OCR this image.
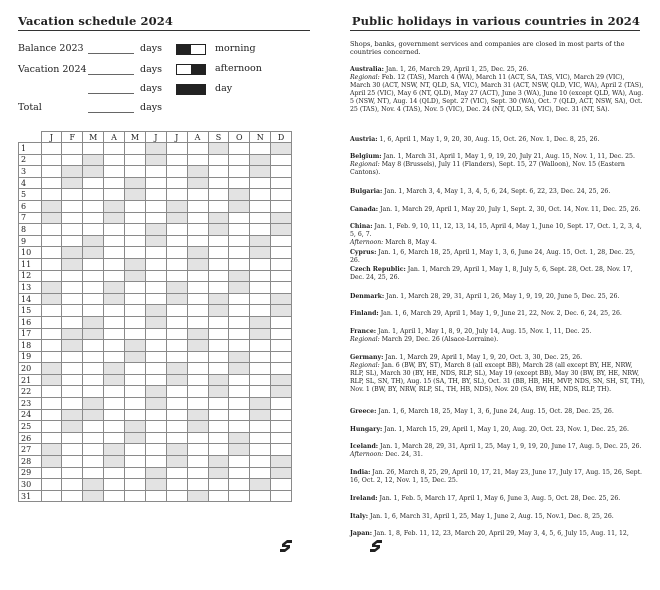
Vacation schedule 2024
Balance 2023	days
Vacation 2024	days
days
Total	days
morning
afternoon
day
	J	F	M	A	M	J	J	A	S	O	N	D
1												
2												
3												
4												
5												
6												
7												
8												
9												
10												
11												
12												
13												
14												
15												
16												
17												
18												
19												
20												
21												
22												
23												
24												
25												
26												
27												
28												
29												
30												
31												
Public holidays in various countries in 2024
Shops, banks, government services and companies are closed in most parts of the countries concerned.
Australia: Jan. 1, 26, March 29, April 1, 25, Dec. 25, 26.
Regional: Feb. 12 (TAS), March 4 (WA), March 11 (ACT, SA, TAS, VIC), March 29 (VIC), March 30 (ACT, NSW, NT, QLD, SA, VIC), March 31 (ACT, NSW, QLD, VIC, WA), April 2 (TAS), April 25 (VIC), May 6 (NT, QLD), May 27 (ACT), June 3 (WA), June 10 (except QLD, WA), Aug. 5 (NSW, NT), Aug. 14 (QLD), Sept. 27 (VIC), Sept. 30 (WA), Oct. 7 (QLD, ACT, NSW, SA), Oct. 25 (TAS), Nov. 4 (TAS), Nov. 5 (VIC), Dec. 24 (NT, QLD, SA, VIC), Dec. 31 (NT, SA).
Austria: 1, 6, April 1, May 1, 9, 20, 30, Aug. 15, Oct. 26, Nov. 1, Dec. 8, 25, 26.
Belgium: Jan. 1, March 31, April 1, May 1, 9, 19, 20, July 21, Aug. 15, Nov. 1, 11, Dec. 25.
Regional: May 8 (Brussels), July 11 (Flanders), Sept. 15, 27 (Walloon), Nov. 15 (Eastern Cantons).
Bulgaria: Jan. 1, March 3, 4, May 1, 3, 4, 5, 6, 24, Sept. 6, 22, 23, Dec. 24, 25, 26.
Canada: Jan. 1, March 29, April 1, May 20, July 1, Sept. 2, 30, Oct. 14, Nov. 11, Dec. 25, 26.
China: Jan. 1, Feb. 9, 10, 11, 12, 13, 14, 15, April 4, May 1, June 10, Sept. 17, Oct. 1, 2, 3, 4, 5, 6, 7.
Afternoon: March 8, May 4.
Cyprus: Jan. 1, 6, March 18, 25, April 1, May 1, 3, 6, June 24, Aug. 15, Oct. 1, 28, Dec. 25, 26.
Czech Republic: Jan. 1, March 29, April 1, May 1, 8, July 5, 6, Sept. 28, Oct. 28, Nov. 17, Dec. 24, 25, 26.
Denmark: Jan. 1, March 28, 29, 31, April 1, 26, May 1, 9, 19, 20, June 5, Dec. 25, 26.
Finland: Jan. 1, 6, March 29, April 1, May 1, 9, June 21, 22, Nov. 2, Dec. 6, 24, 25, 26.
France: Jan. 1, April 1, May 1, 8, 9, 20, July 14, Aug. 15, Nov. 1, 11, Dec. 25.
Regional: March 29, Dec. 26 (Alsace-Lorraine).
Germany: Jan. 1, March 29, April 1, May 1, 9, 20, Oct. 3, 30, Dec. 25, 26.
Regional: Jan. 6 (BW, BY, ST), March 8 (all except BB), March 28 (all except BY, HE, NRW, RLP, SL), March 30 (BY, HE, NDS, RLP, SL), May 19 (except BB), May 30 (BW, BY, HE, NRW, RLP, SL, SN, TH), Aug. 15 (SA, TH, BY, SL), Oct. 31 (BB, HB, HH, MVP, NDS, SN, SH, ST, TH), Nov. 1 (BW, BY, NRW, RLP, SL, TH, HB, NDS), Nov. 20 (SA, BW, HE, NDS, RLP, TH).
Greece: Jan. 1, 6, March 18, 25, May 1, 3, 6, June 24, Aug. 15, Oct. 28, Dec. 25, 26.
Hungary: Jan. 1, March 15, 29, April 1, May 1, 20, Aug. 20, Oct. 23, Nov. 1, Dec. 25, 26.
Iceland: Jan. 1, March 28, 29, 31, April 1, 25, May 1, 9, 19, 20, June 17, Aug. 5, Dec. 25, 26.
Afternoon: Dec. 24, 31.
India: Jan. 26, March 8, 25, 29, April 10, 17, 21, May 23, June 17, July 17, Aug. 15, 26, Sept. 16, Oct. 2, 12, Nov. 1, 15, Dec. 25.
Ireland: Jan. 1, Feb. 5, March 17, April 1, May 6, June 3, Aug. 5, Oct. 28, Dec. 25, 26.
Italy: Jan. 1, 6, March 31, April 1, 25, May 1, June 2, Aug. 15, Nov.1, Dec. 8, 25, 26.
Japan: Jan. 1, 8, Feb. 11, 12, 23, March 20, April 29, May 3, 4, 5, 6, July 15, Aug. 11, 12,
